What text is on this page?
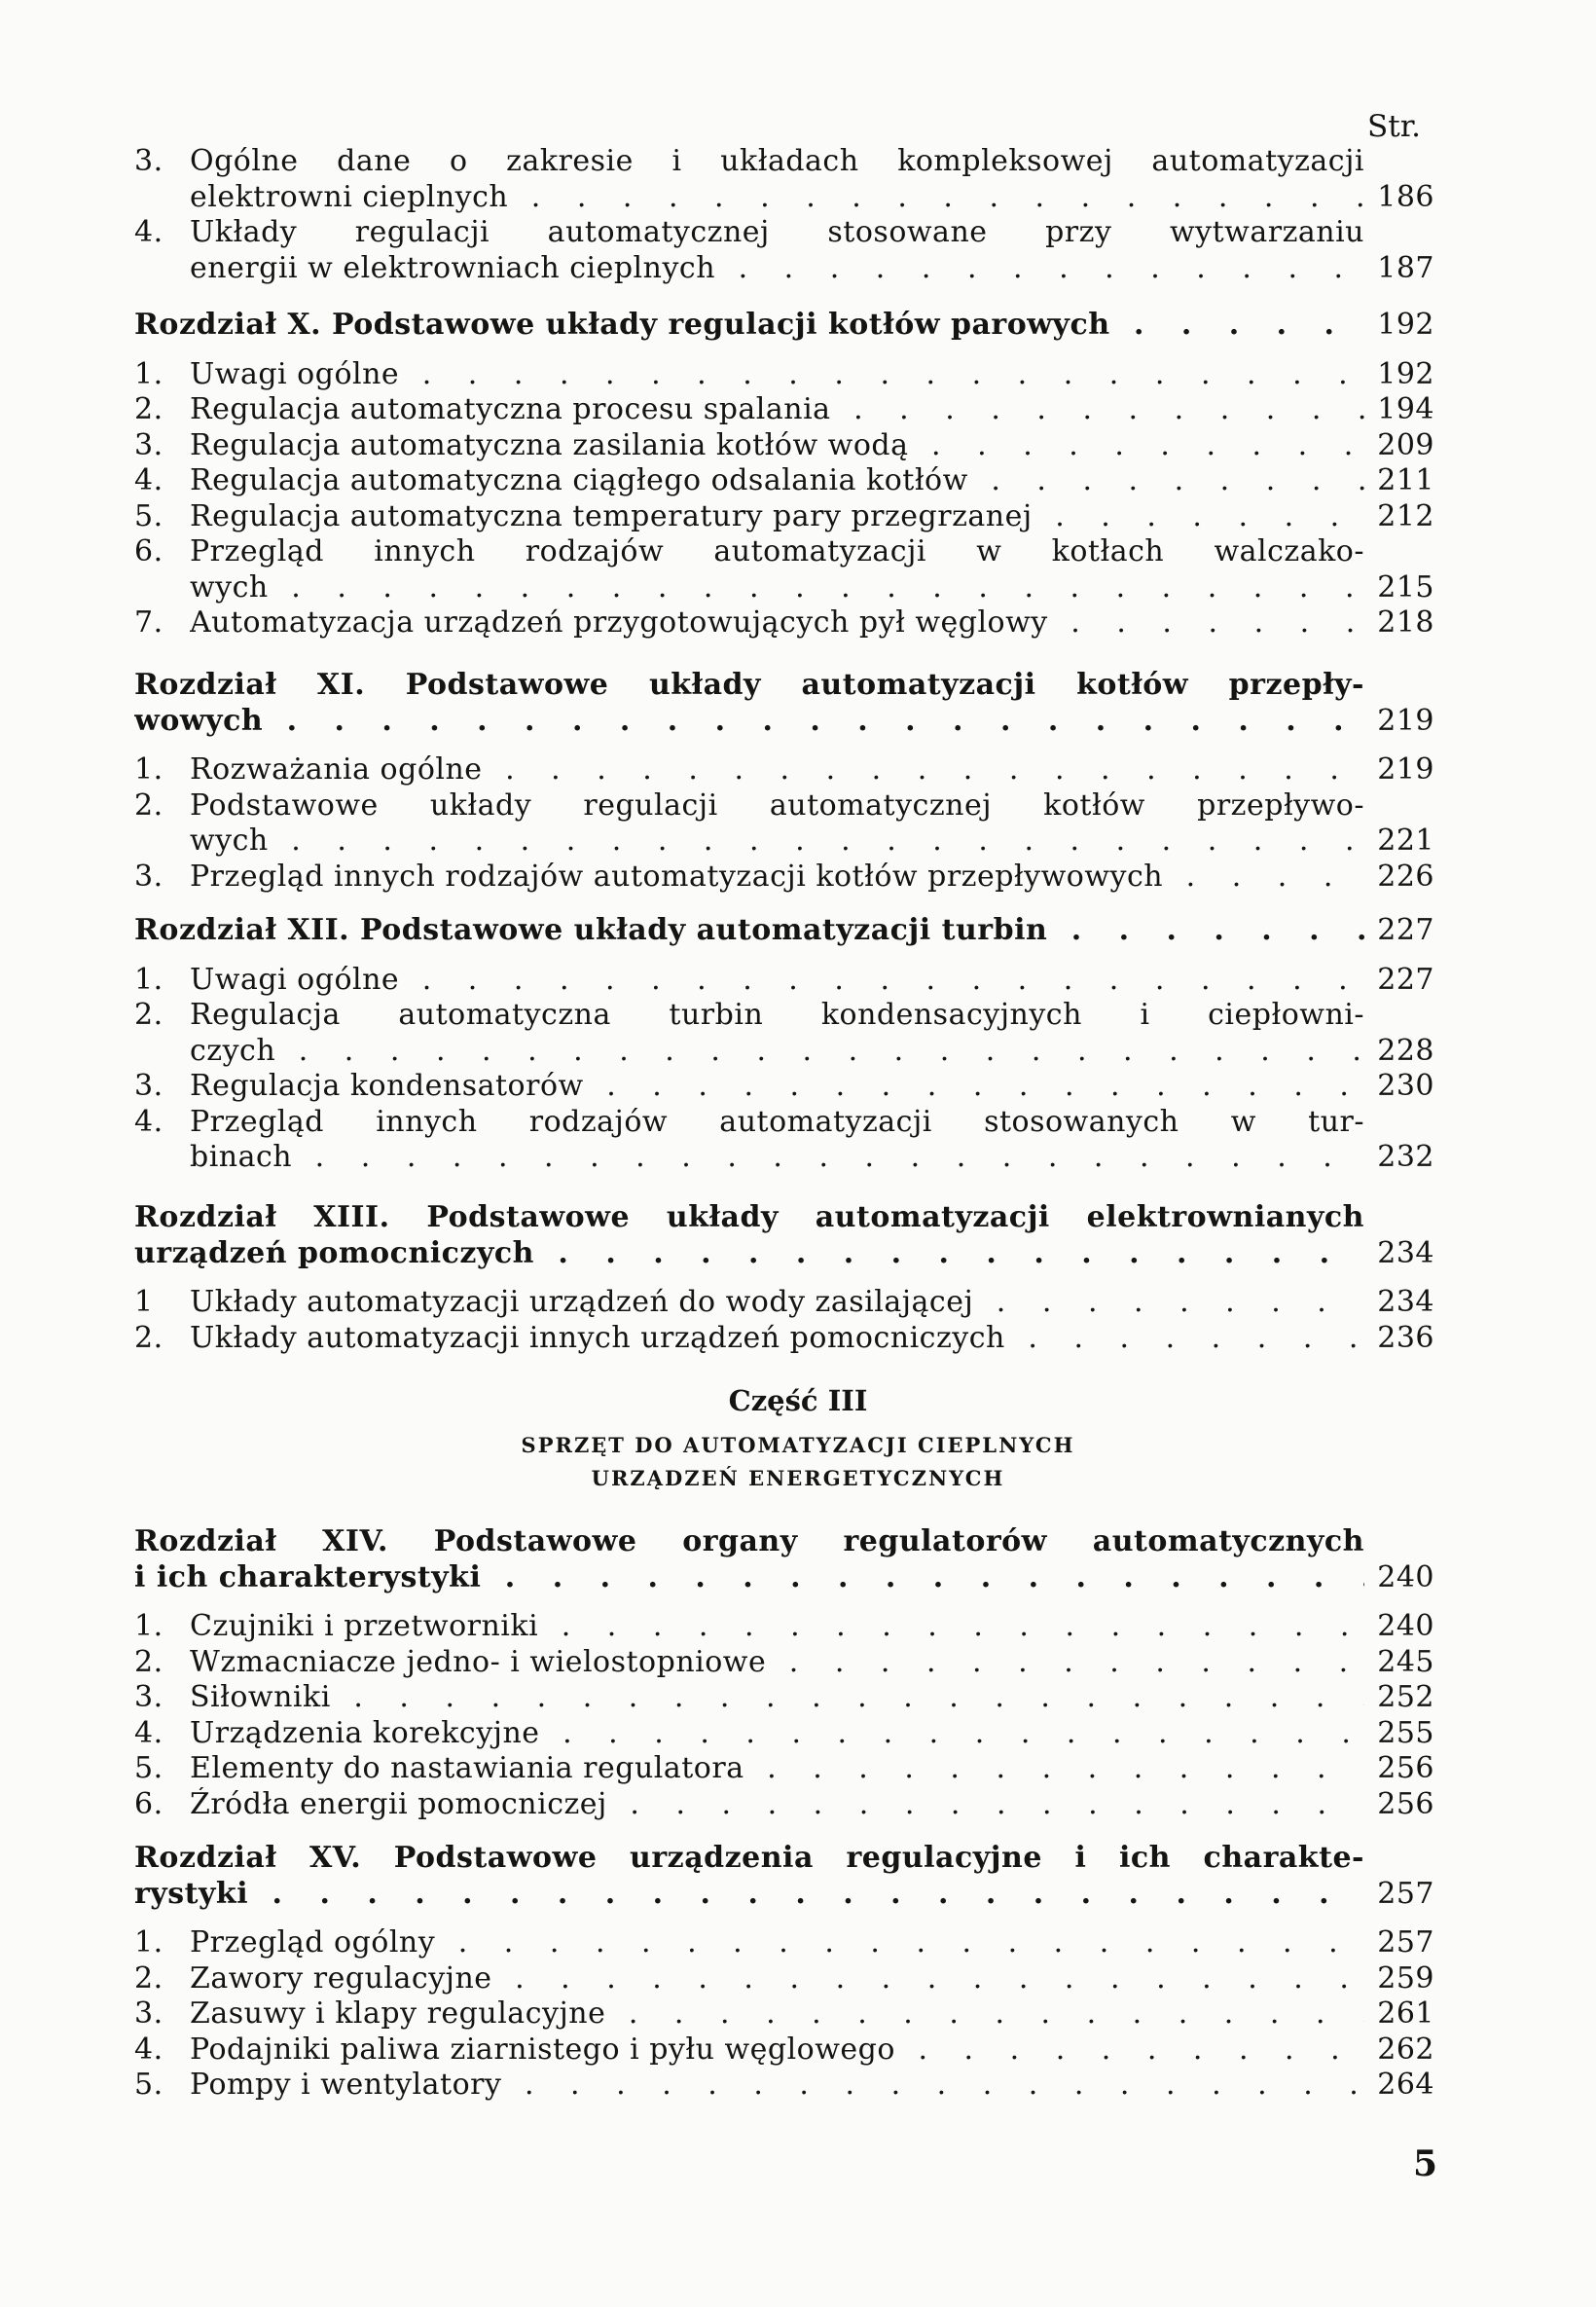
Str.
3. Ogólne dane o zakresie i układach kompleksowej automatyzacji
elektrowni cieplnych . . .	186
4. Układy regulacji automatycznej stosowane przy wytwarzaniu
energii w elektrowniach cieplnych . . .	187
Rozdział X. Podstawowe układy regulacji kotłów parowych . . .	192
1. Uwagi ogólne . . .	192
2. Regulacja automatyczna procesu spalania . . .	194
3. Regulacja automatyczna zasilania kotłów wodą . . .	209
4. Regulacja automatyczna ciągłego odsalania kotłów . . .	211
5. Regulacja automatyczna temperatury pary przegrzanej . . .	212
6. Przegląd innych rodzajów automatyzacji w kotłach walczako-
wych . . .	215
7. Automatyzacja urządzeń przygotowujących pył węglowy . . .	218
Rozdział XI. Podstawowe układy automatyzacji kotłów przepły-
wowych . . .	219
1. Rozważania ogólne . . .	219
2. Podstawowe układy regulacji automatycznej kotłów przepływo-
wych . . .	221
3. Przegląd innych rodzajów automatyzacji kotłów przepływowych . . .	226
Rozdział XII. Podstawowe układy automatyzacji turbin . . .	227
1. Uwagi ogólne . . .	227
2. Regulacja automatyczna turbin kondensacyjnych i ciepłowni-
czych . . .	228
3. Regulacja kondensatorów . . .	230
4. Przegląd innych rodzajów automatyzacji stosowanych w tur-
binach . . .	232
Rozdział XIII. Podstawowe układy automatyzacji elektrownianych
urządzeń pomocniczych . . .	234
1 Układy automatyzacji urządzeń do wody zasilającej . . .	234
2. Układy automatyzacji innych urządzeń pomocniczych . . .	236
Część III
SPRZĘT DO AUTOMATYZACJI CIEPLNYCH
URZĄDZEŃ ENERGETYCZNYCH
Rozdział XIV. Podstawowe organy regulatorów automatycznych
i ich charakterystyki . . .	240
1. Czujniki i przetworniki . . .	240
2. Wzmacniacze jedno- i wielostopniowe . . .	245
3. Siłowniki . . .	252
4. Urządzenia korekcyjne . . .	255
5. Elementy do nastawiania regulatora . . .	256
6. Źródła energii pomocniczej . . .	256
Rozdział XV. Podstawowe urządzenia regulacyjne i ich charakte-
rystyki . . .	257
1. Przegląd ogólny . . .	257
2. Zawory regulacyjne . . .	259
3. Zasuwy i klapy regulacyjne . . .	261
4. Podajniki paliwa ziarnistego i pyłu węglowego . . .	262
5. Pompy i wentylatory . . .	264
5
